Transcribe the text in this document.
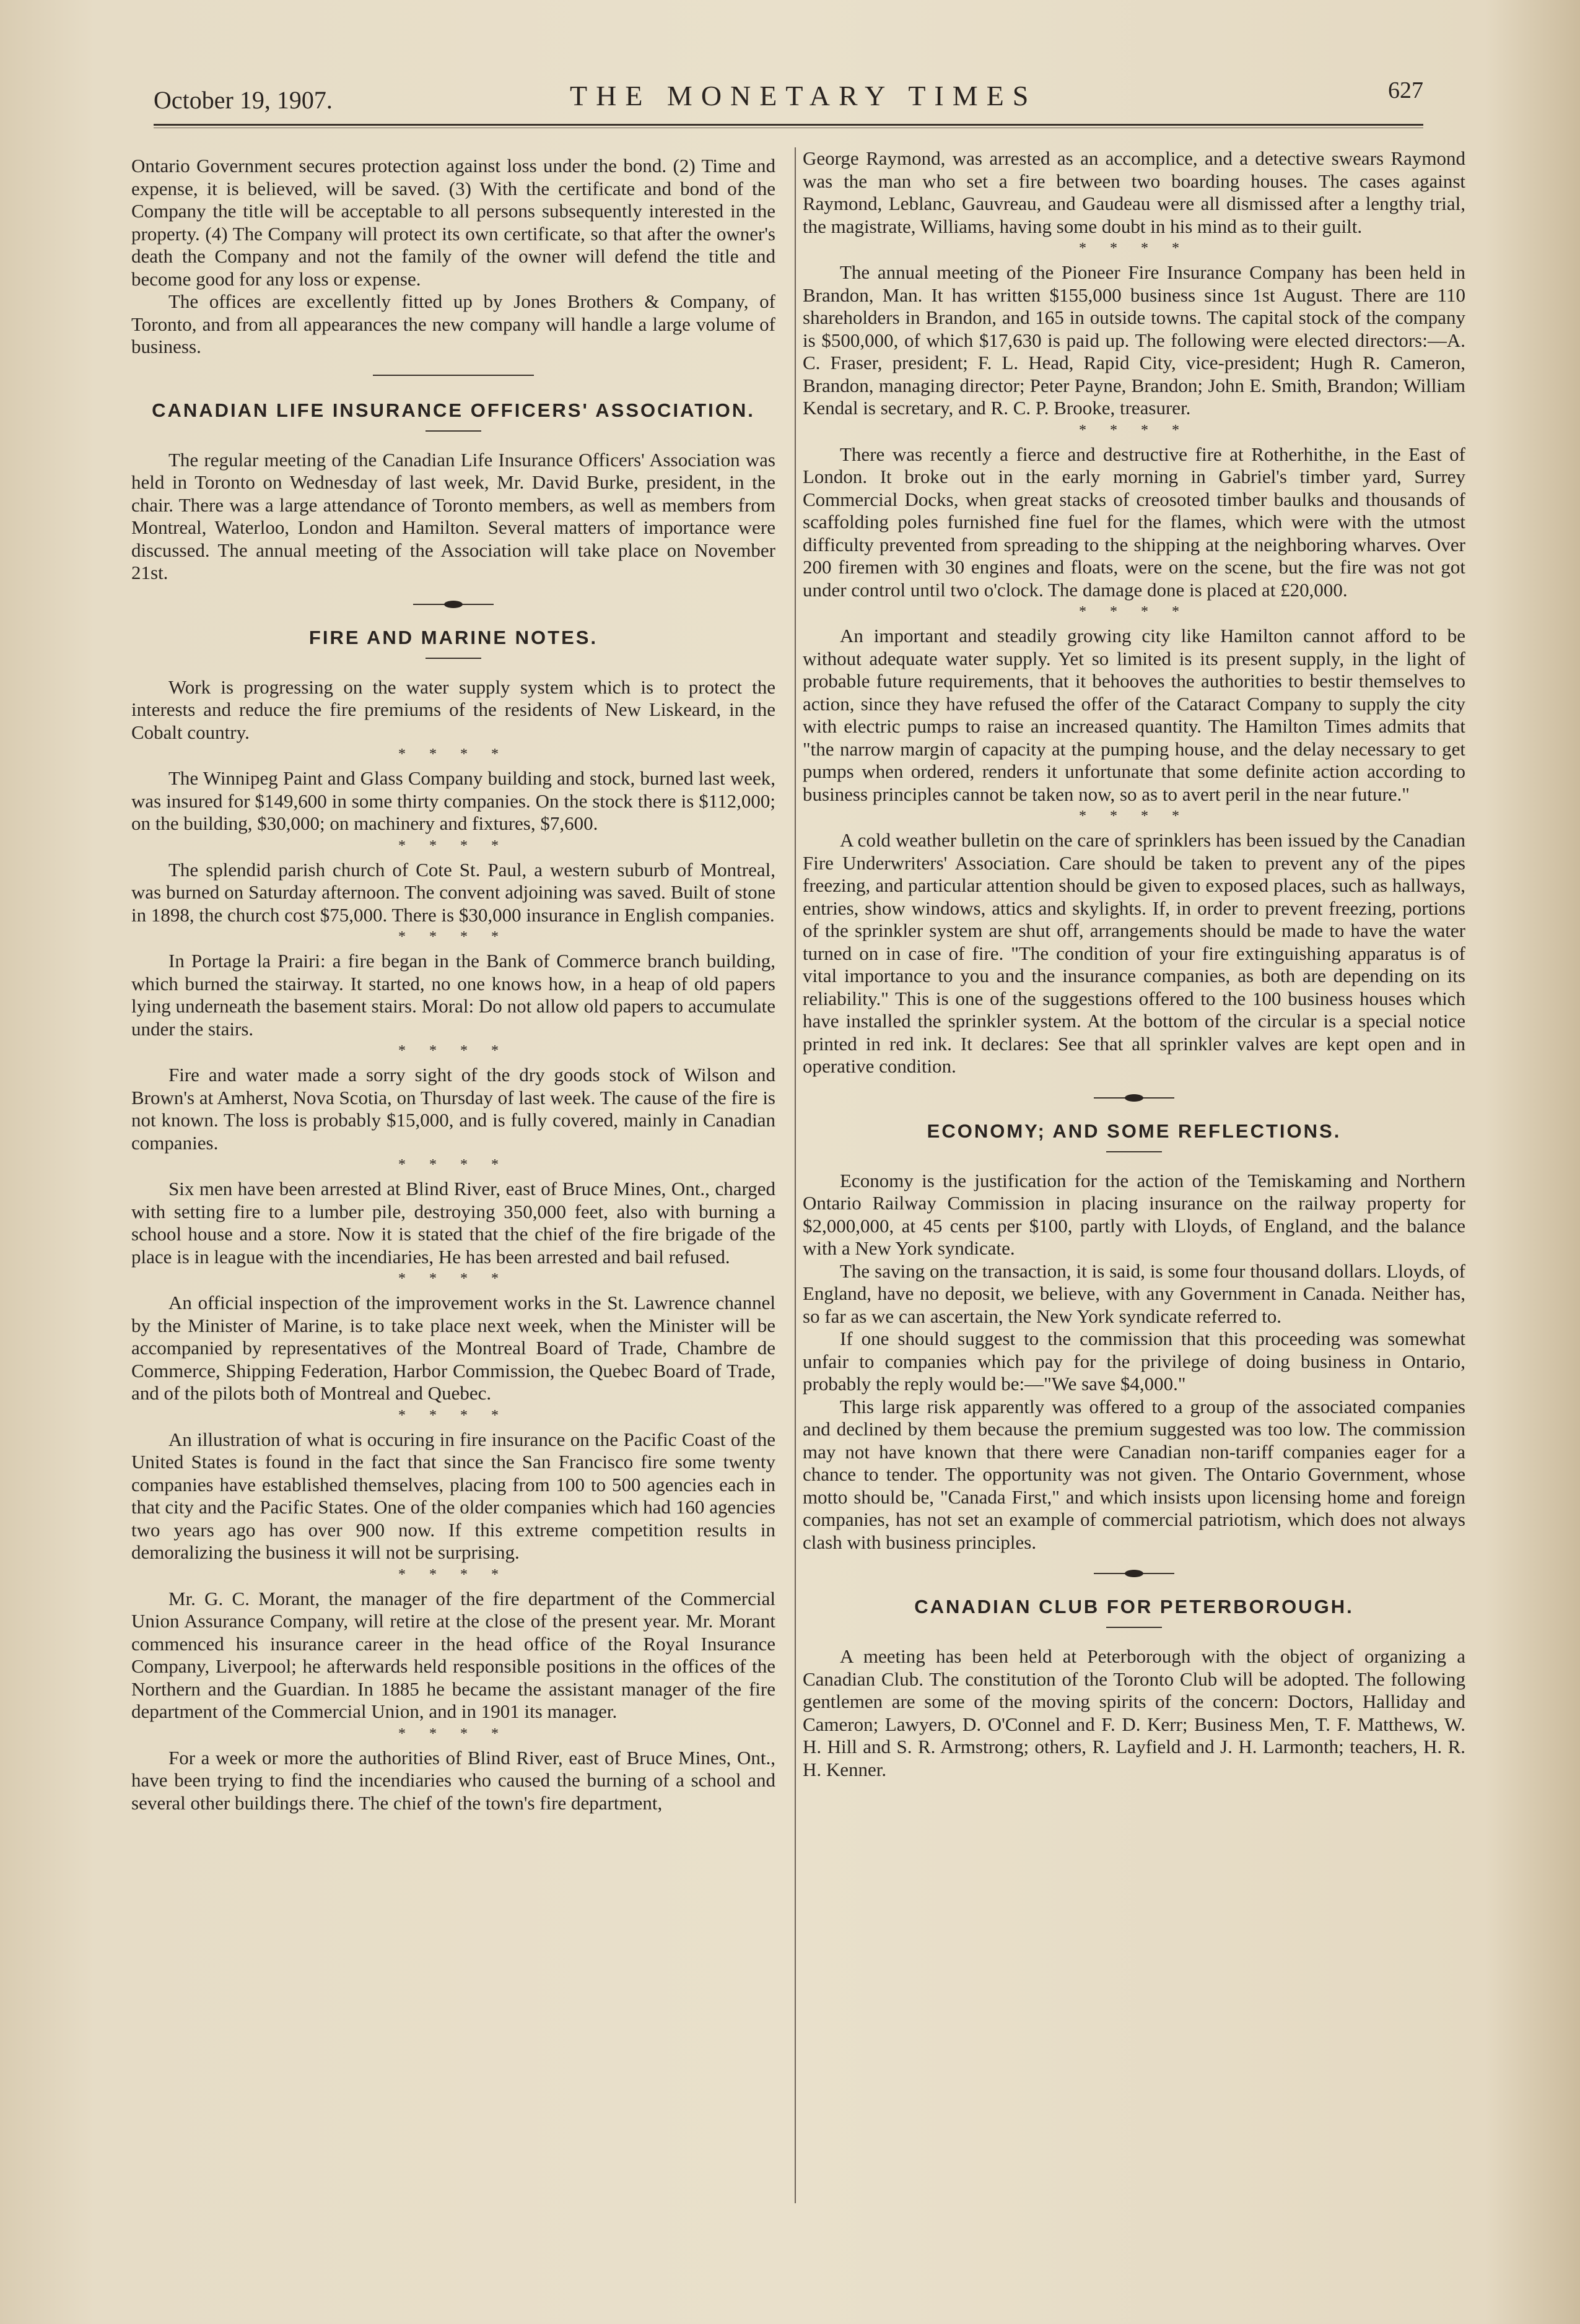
October 19, 1907.	THE MONETARY TIMES	627

Ontario Government secures protection against loss under the bond. (2) Time and expense, it is believed, will be saved. (3) With the certificate and bond of the Company the title will be acceptable to all persons subsequently interested in the property. (4) The Company will protect its own certificate, so that after the owner's death the Company and not the family of the owner will defend the title and become good for any loss or expense.

The offices are excellently fitted up by Jones Brothers & Company, of Toronto, and from all appearances the new company will handle a large volume of business.

CANADIAN LIFE INSURANCE OFFICERS' ASSOCIATION.

The regular meeting of the Canadian Life Insurance Officers' Association was held in Toronto on Wednesday of last week, Mr. David Burke, president, in the chair. There was a large attendance of Toronto members, as well as members from Montreal, Waterloo, London and Hamilton. Several matters of importance were discussed. The annual meeting of the Association will take place on November 21st.

FIRE AND MARINE NOTES.

Work is progressing on the water supply system which is to protect the interests and reduce the fire premiums of the residents of New Liskeard, in the Cobalt country.

* * * *

The Winnipeg Paint and Glass Company building and stock, burned last week, was insured for $149,600 in some thirty companies. On the stock there is $112,000; on the building, $30,000; on machinery and fixtures, $7,600.

* * * *

The splendid parish church of Cote St. Paul, a western suburb of Montreal, was burned on Saturday afternoon. The convent adjoining was saved. Built of stone in 1898, the church cost $75,000. There is $30,000 insurance in English companies.

* * * *

In Portage la Prairi: a fire began in the Bank of Commerce branch building, which burned the stairway. It started, no one knows how, in a heap of old papers lying underneath the basement stairs. Moral: Do not allow old papers to accumulate under the stairs.

* * * *

Fire and water made a sorry sight of the dry goods stock of Wilson and Brown's at Amherst, Nova Scotia, on Thursday of last week. The cause of the fire is not known. The loss is probably $15,000, and is fully covered, mainly in Canadian companies.

* * * *

Six men have been arrested at Blind River, east of Bruce Mines, Ont., charged with setting fire to a lumber pile, destroying 350,000 feet, also with burning a school house and a store. Now it is stated that the chief of the fire brigade of the place is in league with the incendiaries, He has been arrested and bail refused.

* * * *

An official inspection of the improvement works in the St. Lawrence channel by the Minister of Marine, is to take place next week, when the Minister will be accompanied by representatives of the Montreal Board of Trade, Chambre de Commerce, Shipping Federation, Harbor Commission, the Quebec Board of Trade, and of the pilots both of Montreal and Quebec.

* * * *

An illustration of what is occuring in fire insurance on the Pacific Coast of the United States is found in the fact that since the San Francisco fire some twenty companies have established themselves, placing from 100 to 500 agencies each in that city and the Pacific States. One of the older companies which had 160 agencies two years ago has over 900 now. If this extreme competition results in demoralizing the business it will not be surprising.

* * * *

Mr. G. C. Morant, the manager of the fire department of the Commercial Union Assurance Company, will retire at the close of the present year. Mr. Morant commenced his insurance career in the head office of the Royal Insurance Company, Liverpool; he afterwards held responsible positions in the offices of the Northern and the Guardian. In 1885 he became the assistant manager of the fire department of the Commercial Union, and in 1901 its manager.

* * * *

For a week or more the authorities of Blind River, east of Bruce Mines, Ont., have been trying to find the incendiaries who caused the burning of a school and several other buildings there. The chief of the town's fire department,

George Raymond, was arrested as an accomplice, and a detective swears Raymond was the man who set a fire between two boarding houses. The cases against Raymond, Leblanc, Gauvreau, and Gaudeau were all dismissed after a lengthy trial, the magistrate, Williams, having some doubt in his mind as to their guilt.

* * * *

The annual meeting of the Pioneer Fire Insurance Company has been held in Brandon, Man. It has written $155,000 business since 1st August. There are 110 shareholders in Brandon, and 165 in outside towns. The capital stock of the company is $500,000, of which $17,630 is paid up. The following were elected directors:—A. C. Fraser, president; F. L. Head, Rapid City, vice-president; Hugh R. Cameron, Brandon, managing director; Peter Payne, Brandon; John E. Smith, Brandon; William Kendal is secretary, and R. C. P. Brooke, treasurer.

* * * *

There was recently a fierce and destructive fire at Rotherhithe, in the East of London. It broke out in the early morning in Gabriel's timber yard, Surrey Commercial Docks, when great stacks of creosoted timber baulks and thousands of scaffolding poles furnished fine fuel for the flames, which were with the utmost difficulty prevented from spreading to the shipping at the neighboring wharves. Over 200 firemen with 30 engines and floats, were on the scene, but the fire was not got under control until two o'clock. The damage done is placed at £20,000.

* * * *

An important and steadily growing city like Hamilton cannot afford to be without adequate water supply. Yet so limited is its present supply, in the light of probable future requirements, that it behooves the authorities to bestir themselves to action, since they have refused the offer of the Cataract Company to supply the city with electric pumps to raise an increased quantity. The Hamilton Times admits that "the narrow margin of capacity at the pumping house, and the delay necessary to get pumps when ordered, renders it unfortunate that some definite action according to business principles cannot be taken now, so as to avert peril in the near future."

* * * *

A cold weather bulletin on the care of sprinklers has been issued by the Canadian Fire Underwriters' Association. Care should be taken to prevent any of the pipes freezing, and particular attention should be given to exposed places, such as hallways, entries, show windows, attics and skylights. If, in order to prevent freezing, portions of the sprinkler system are shut off, arrangements should be made to have the water turned on in case of fire. "The condition of your fire extinguishing apparatus is of vital importance to you and the insurance companies, as both are depending on its reliability." This is one of the suggestions offered to the 100 business houses which have installed the sprinkler system. At the bottom of the circular is a special notice printed in red ink. It declares: See that all sprinkler valves are kept open and in operative condition.

ECONOMY; AND SOME REFLECTIONS.

Economy is the justification for the action of the Temiskaming and Northern Ontario Railway Commission in placing insurance on the railway property for $2,000,000, at 45 cents per $100, partly with Lloyds, of England, and the balance with a New York syndicate.

The saving on the transaction, it is said, is some four thousand dollars. Lloyds, of England, have no deposit, we believe, with any Government in Canada. Neither has, so far as we can ascertain, the New York syndicate referred to.

If one should suggest to the commission that this proceeding was somewhat unfair to companies which pay for the privilege of doing business in Ontario, probably the reply would be:—"We save $4,000."

This large risk apparently was offered to a group of the associated companies and declined by them because the premium suggested was too low. The commission may not have known that there were Canadian non-tariff companies eager for a chance to tender. The opportunity was not given. The Ontario Government, whose motto should be, "Canada First," and which insists upon licensing home and foreign companies, has not set an example of commercial patriotism, which does not always clash with business principles.

CANADIAN CLUB FOR PETERBOROUGH.

A meeting has been held at Peterborough with the object of organizing a Canadian Club. The constitution of the Toronto Club will be adopted. The following gentlemen are some of the moving spirits of the concern: Doctors, Halliday and Cameron; Lawyers, D. O'Connel and F. D. Kerr; Business Men, T. F. Matthews, W. H. Hill and S. R. Armstrong; others, R. Layfield and J. H. Larmonth; teachers, H. R. H. Kenner.
